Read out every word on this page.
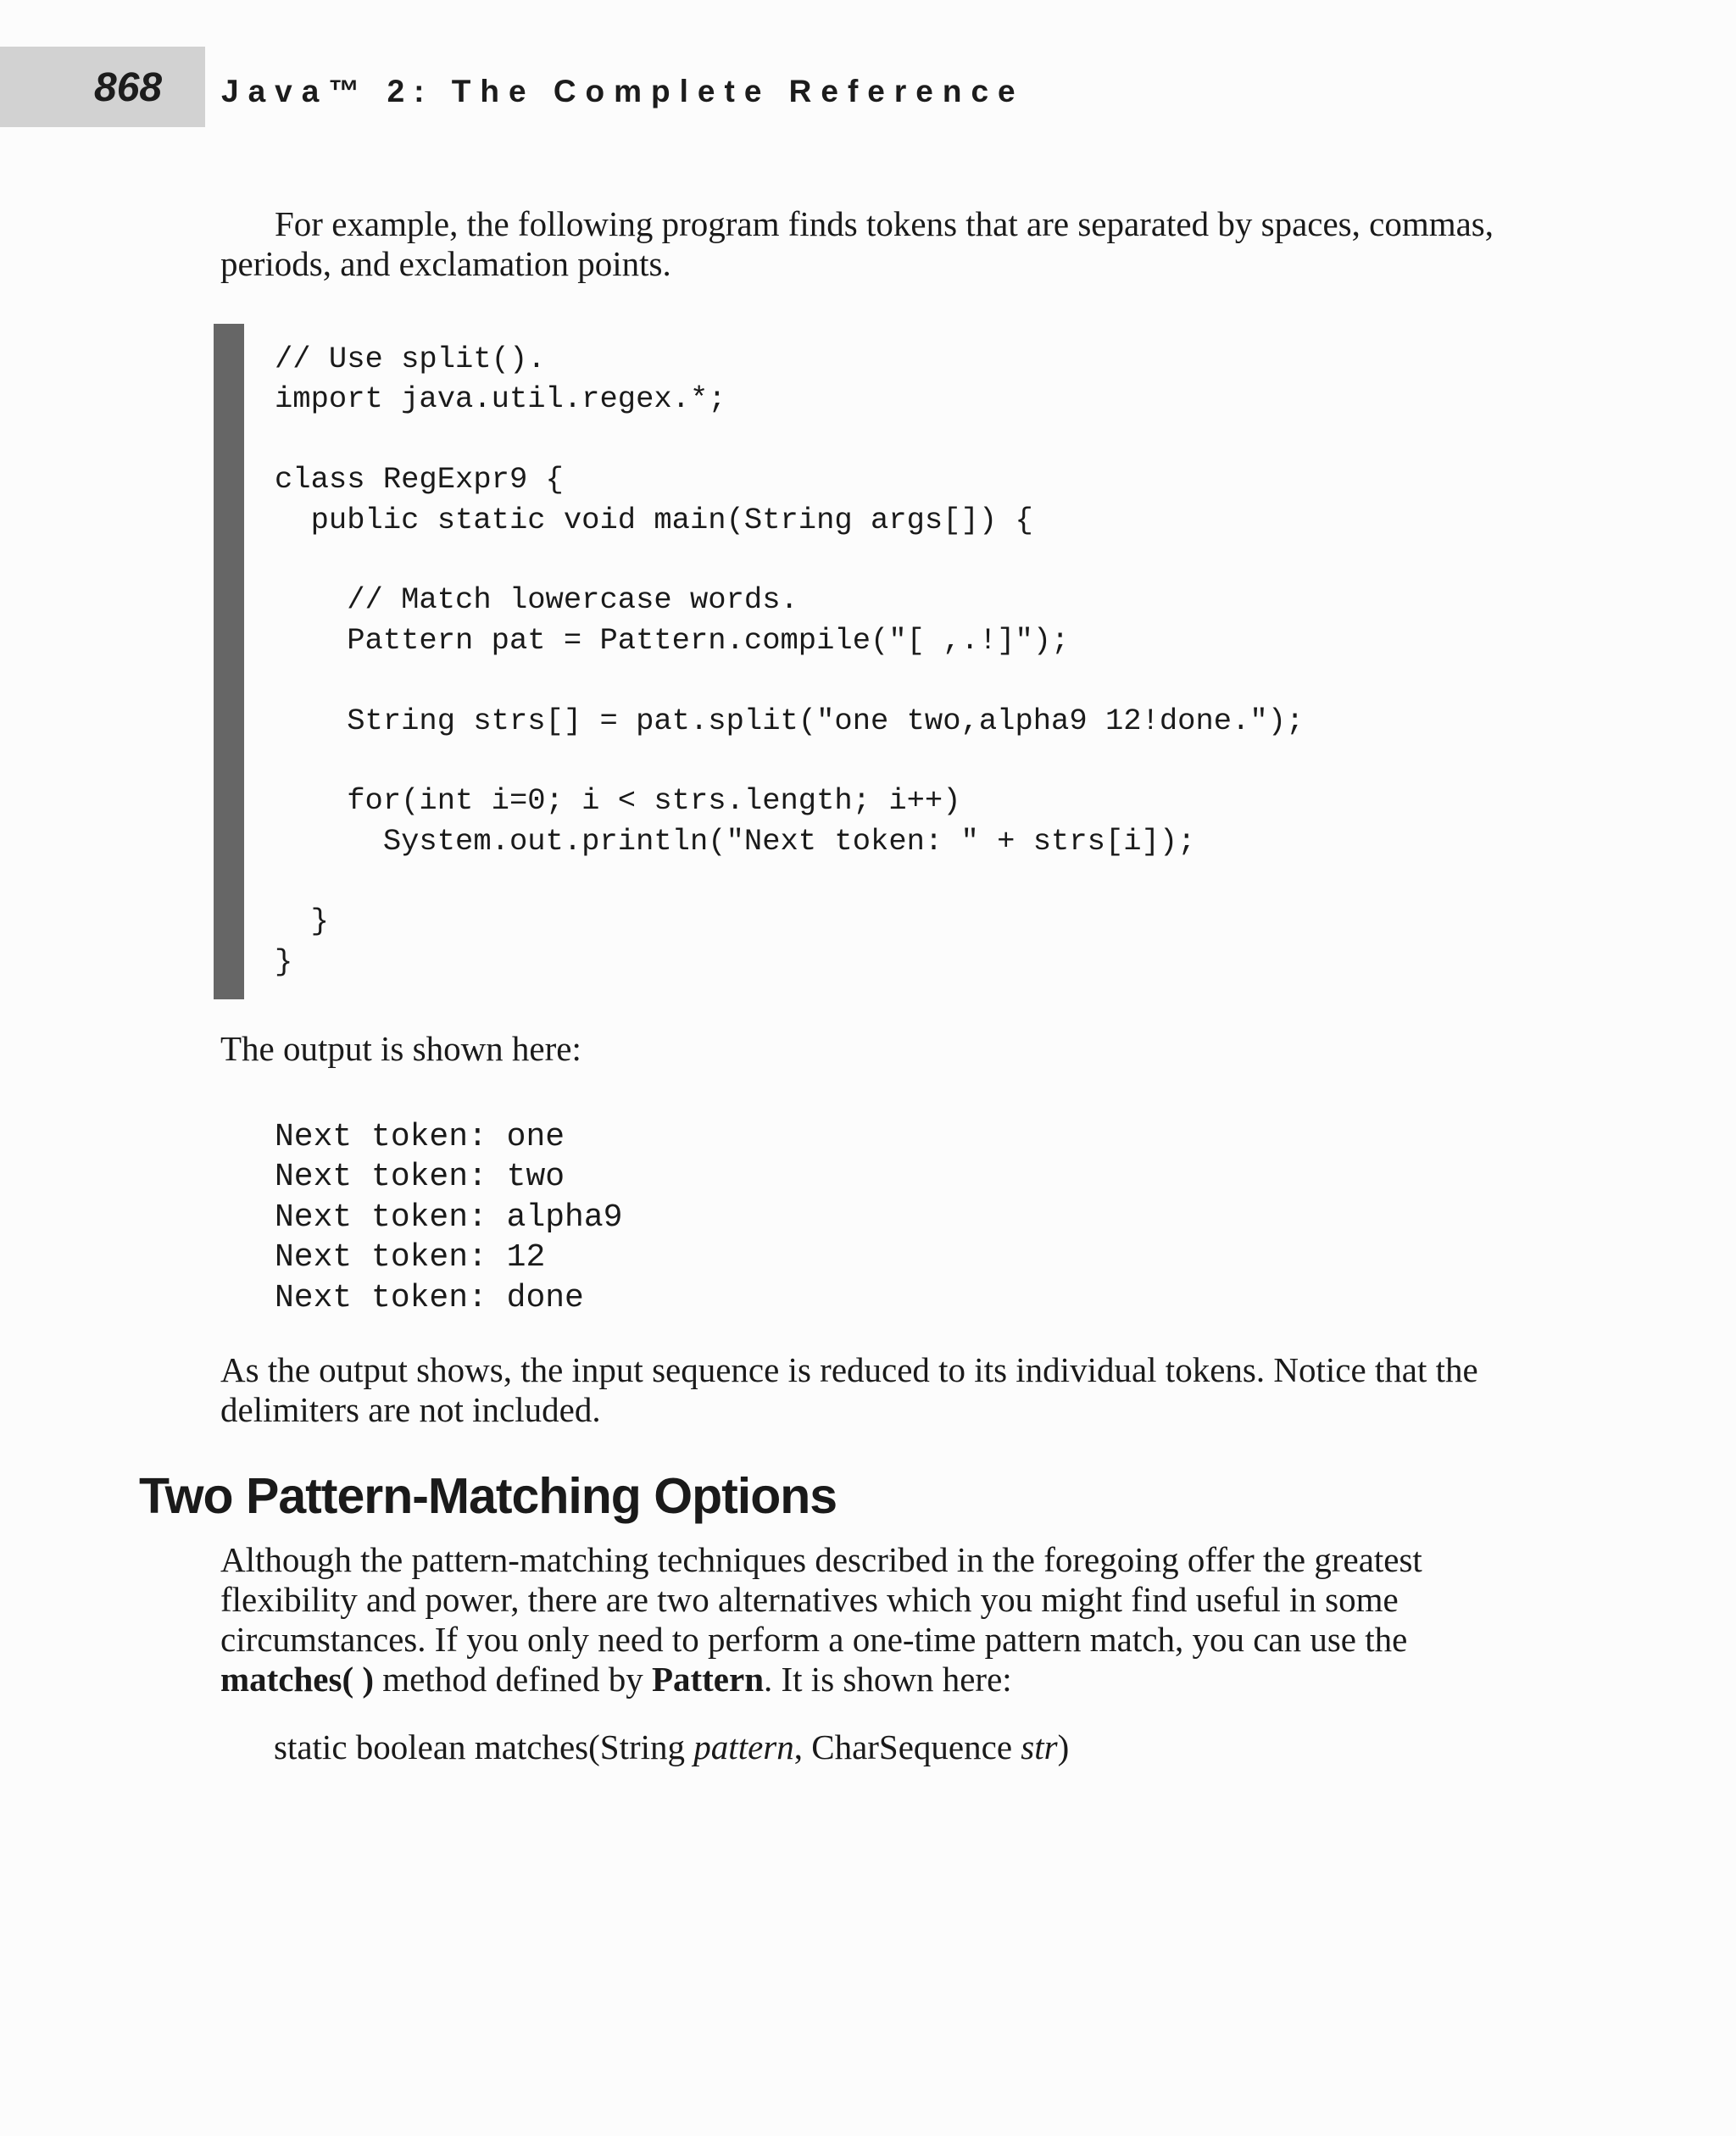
868 Java™ 2: The Complete Reference

For example, the following program finds tokens that are separated by spaces, commas, periods, and exclamation points.

// Use split().
import java.util.regex.*;
class RegExpr9 {
public static void main(String args[]) {
// Match lowercase words.
Pattern pat = Pattern.compile("[ ,.!]");
String strs[] = pat.split("one two,alpha9 12!done.");
for(int i=0; i < strs.length; i++)
System.out.println("Next token: " + strs[i]);
}
}

The output is shown here:

Next token: one
Next token: two
Next token: alpha9
Next token: 12
Next token: done

As the output shows, the input sequence is reduced to its individual tokens. Notice that the delimiters are not included.

Two Pattern-Matching Options

Although the pattern-matching techniques described in the foregoing offer the greatest flexibility and power, there are two alternatives which you might find useful in some circumstances. If you only need to perform a one-time pattern match, you can use the matches( ) method defined by Pattern. It is shown here:

static boolean matches(String pattern, CharSequence str)
